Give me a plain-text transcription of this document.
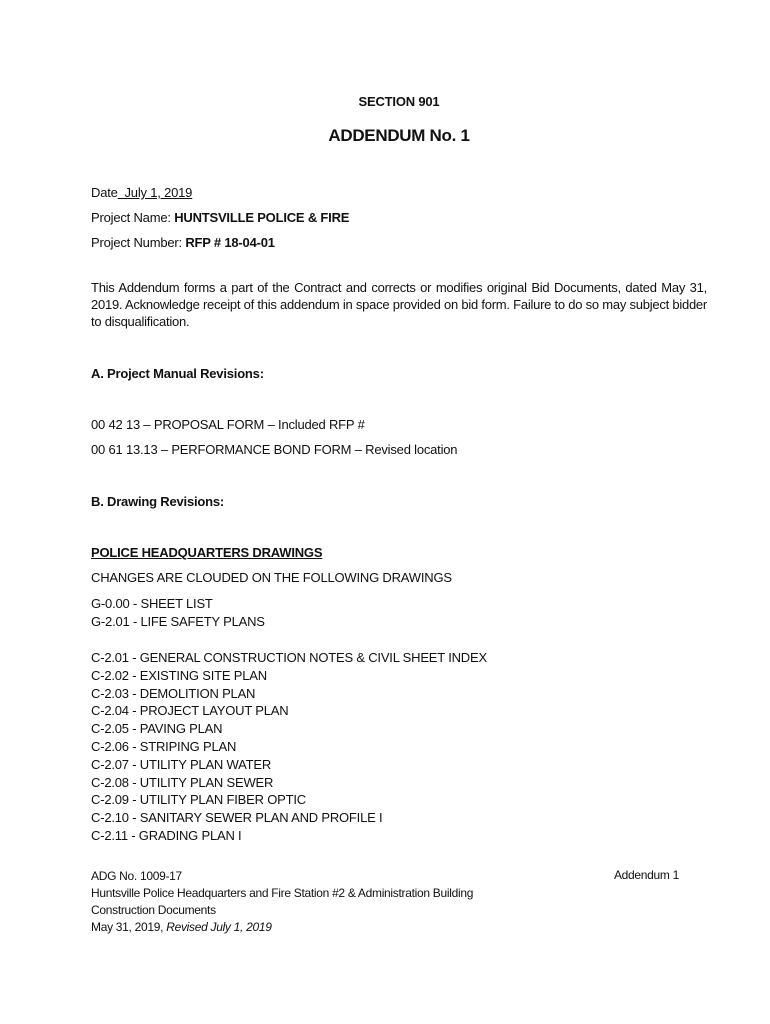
SECTION 901
ADDENDUM No. 1
Date July 1, 2019
Project Name: HUNTSVILLE POLICE & FIRE
Project Number: RFP # 18-04-01
This Addendum forms a part of the Contract and corrects or modifies original Bid Documents, dated May 31, 2019. Acknowledge receipt of this addendum in space provided on bid form. Failure to do so may subject bidder to disqualification.
A. Project Manual Revisions:
00 42 13 – PROPOSAL FORM – Included RFP #
00 61 13.13 – PERFORMANCE BOND FORM – Revised location
B. Drawing Revisions:
POLICE HEADQUARTERS DRAWINGS
CHANGES ARE CLOUDED ON THE FOLLOWING DRAWINGS
G-0.00 - SHEET LIST
G-2.01 - LIFE SAFETY PLANS
C-2.01 - GENERAL CONSTRUCTION NOTES & CIVIL SHEET INDEX
C-2.02 - EXISTING SITE PLAN
C-2.03 - DEMOLITION PLAN
C-2.04 - PROJECT LAYOUT PLAN
C-2.05 - PAVING PLAN
C-2.06 - STRIPING PLAN
C-2.07 - UTILITY PLAN WATER
C-2.08 - UTILITY PLAN SEWER
C-2.09 - UTILITY PLAN FIBER OPTIC
C-2.10 - SANITARY SEWER PLAN AND PROFILE I
C-2.11 - GRADING PLAN I
ADG No. 1009-17
Huntsville Police Headquarters and Fire Station #2 & Administration Building
Construction Documents
May 31, 2019, Revised July 1, 2019
Addendum 1
